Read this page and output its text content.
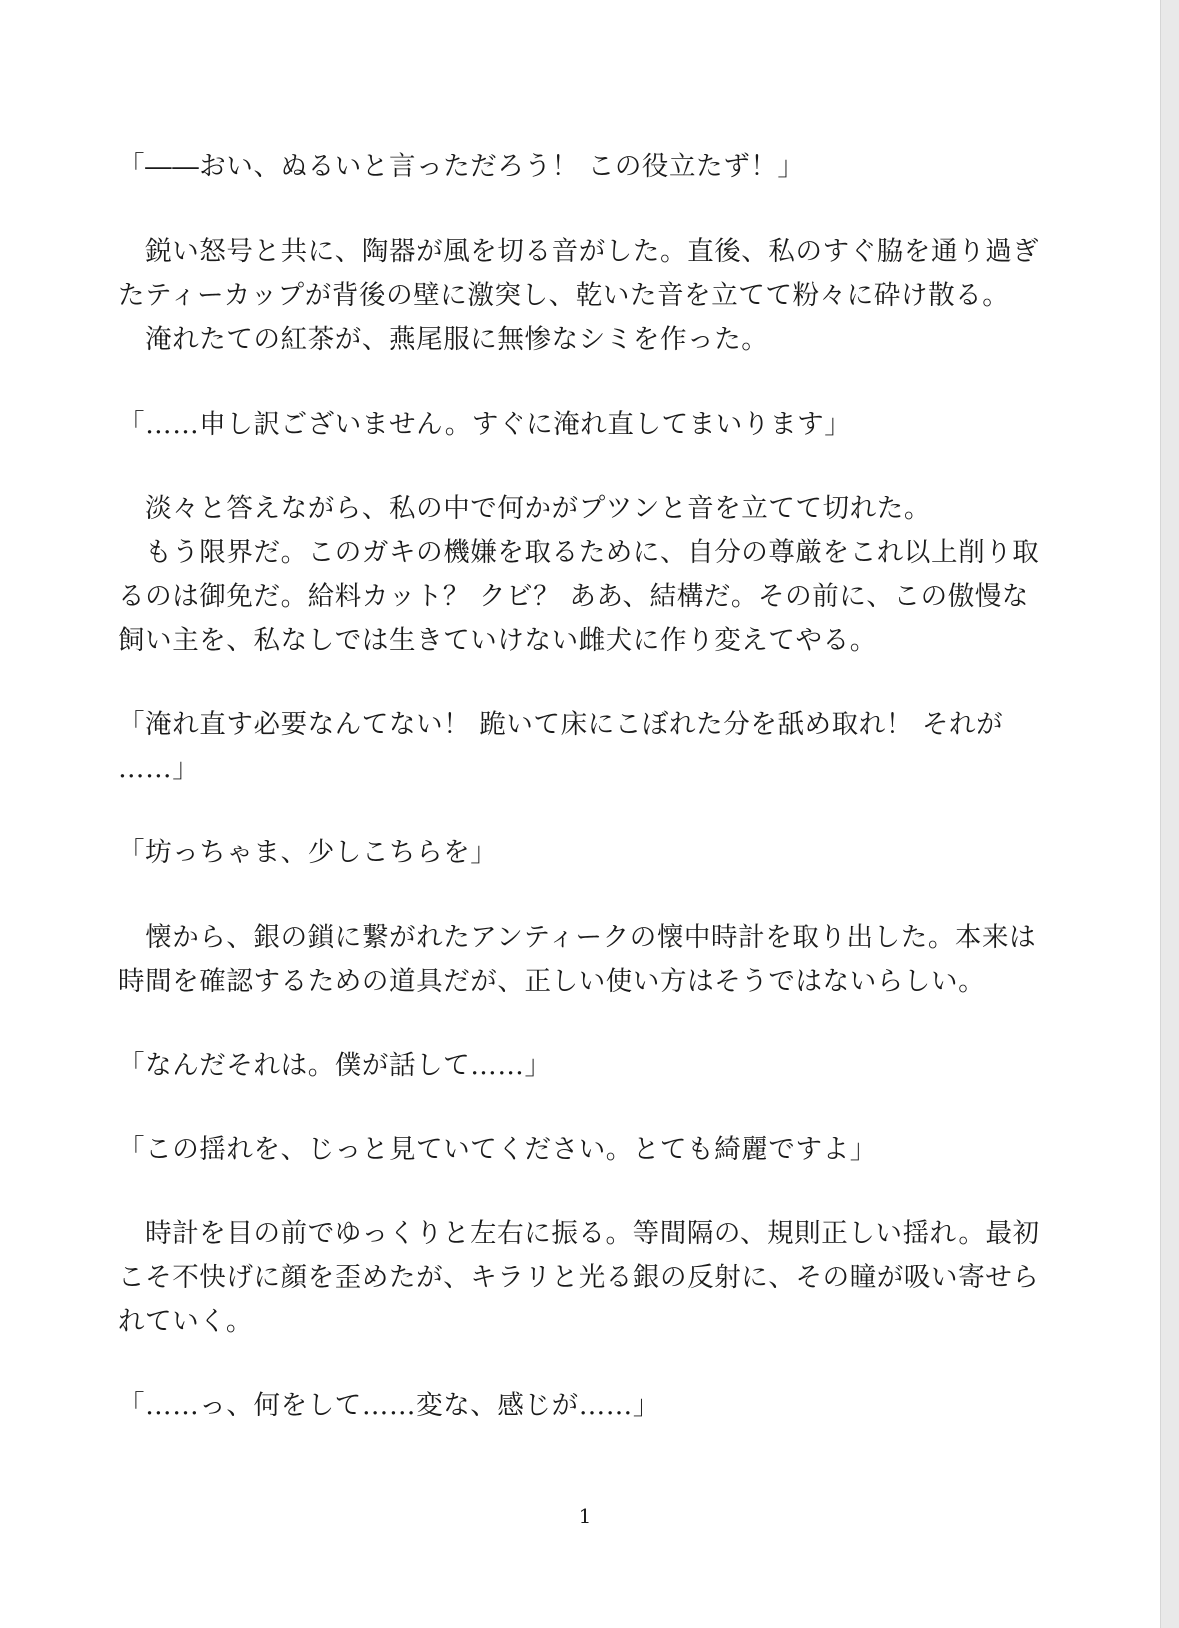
「――おい、ぬるいと言っただろう！ この役立たず！」
　鋭い怒号と共に、陶器が風を切る音がした。直後、私のすぐ脇を通り過ぎ
たティーカップが背後の壁に激突し、乾いた音を立てて粉々に砕け散る。
　淹れたての紅茶が、燕尾服に無惨なシミを作った。
「……申し訳ございません。すぐに淹れ直してまいります」
　淡々と答えながら、私の中で何かがプツンと音を立てて切れた。
　もう限界だ。このガキの機嫌を取るために、自分の尊厳をこれ以上削り取
るのは御免だ。給料カット？ クビ？ ああ、結構だ。その前に、この傲慢な
飼い主を、私なしでは生きていけない雌犬に作り変えてやる。
「淹れ直す必要なんてない！ 跪いて床にこぼれた分を舐め取れ！ それが
……」
「坊っちゃま、少しこちらを」
　懐から、銀の鎖に繋がれたアンティークの懐中時計を取り出した。本来は
時間を確認するための道具だが、正しい使い方はそうではないらしい。
「なんだそれは。僕が話して……」
「この揺れを、じっと見ていてください。とても綺麗ですよ」
　時計を目の前でゆっくりと左右に振る。等間隔の、規則正しい揺れ。最初
こそ不快げに顔を歪めたが、キラリと光る銀の反射に、その瞳が吸い寄せら
れていく。
「……っ、何をして……変な、感じが……」
1
